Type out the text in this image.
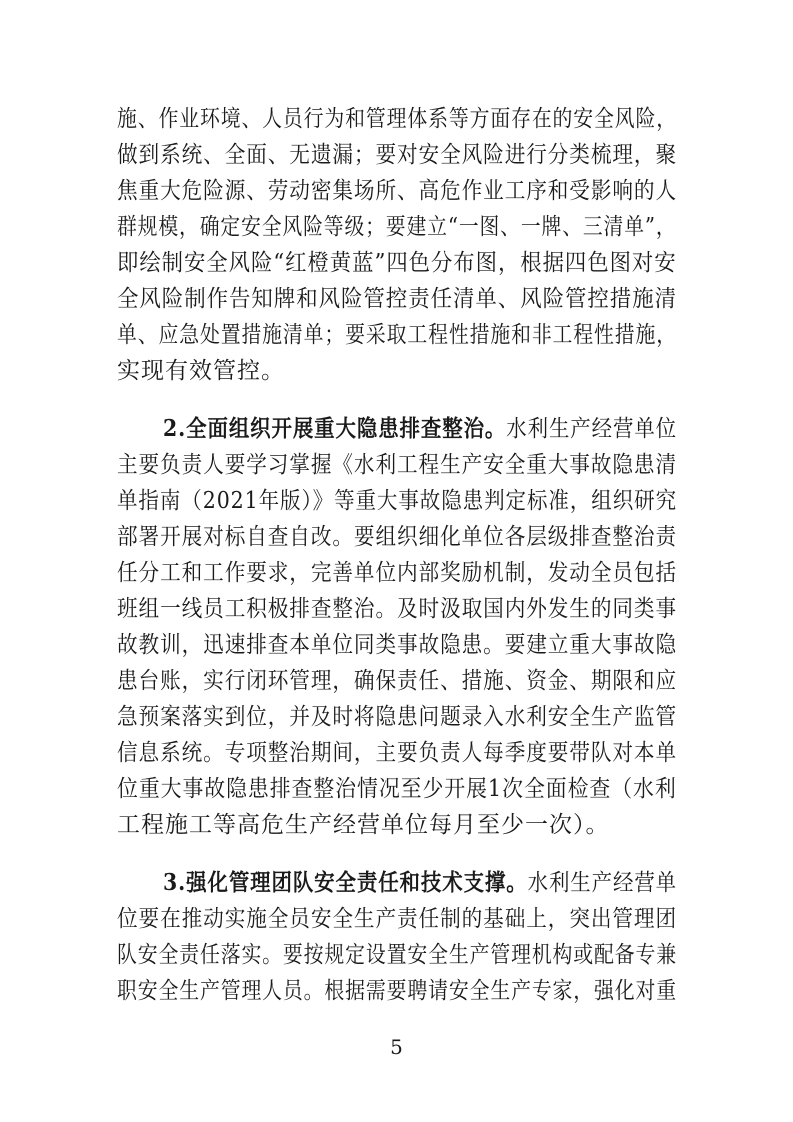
施、作业环境、人员行为和管理体系等方面存在的安全风险，
做到系统、全面、无遗漏；要对安全风险进行分类梳理，聚
焦重大危险源、劳动密集场所、高危作业工序和受影响的人
群规模，确定安全风险等级；要建立“一图、一牌、三清单”，
即绘制安全风险“红橙黄蓝”四色分布图，根据四色图对安
全风险制作告知牌和风险管控责任清单、风险管控措施清
单、应急处置措施清单；要采取工程性措施和非工程性措施，
实现有效管控。
2.全面组织开展重大隐患排查整治。水利生产经营单位
主要负责人要学习掌握《水利工程生产安全重大事故隐患清
单指南（2021年版）》等重大事故隐患判定标准，组织研究
部署开展对标自查自改。要组织细化单位各层级排查整治责
任分工和工作要求，完善单位内部奖励机制，发动全员包括
班组一线员工积极排查整治。及时汲取国内外发生的同类事
故教训，迅速排查本单位同类事故隐患。要建立重大事故隐
患台账，实行闭环管理，确保责任、措施、资金、期限和应
急预案落实到位，并及时将隐患问题录入水利安全生产监管
信息系统。专项整治期间，主要负责人每季度要带队对本单
位重大事故隐患排查整治情况至少开展1次全面检查（水利
工程施工等高危生产经营单位每月至少一次）。
3.强化管理团队安全责任和技术支撑。水利生产经营单
位要在推动实施全员安全生产责任制的基础上，突出管理团
队安全责任落实。要按规定设置安全生产管理机构或配备专兼
职安全生产管理人员。根据需要聘请安全生产专家，强化对重
5
